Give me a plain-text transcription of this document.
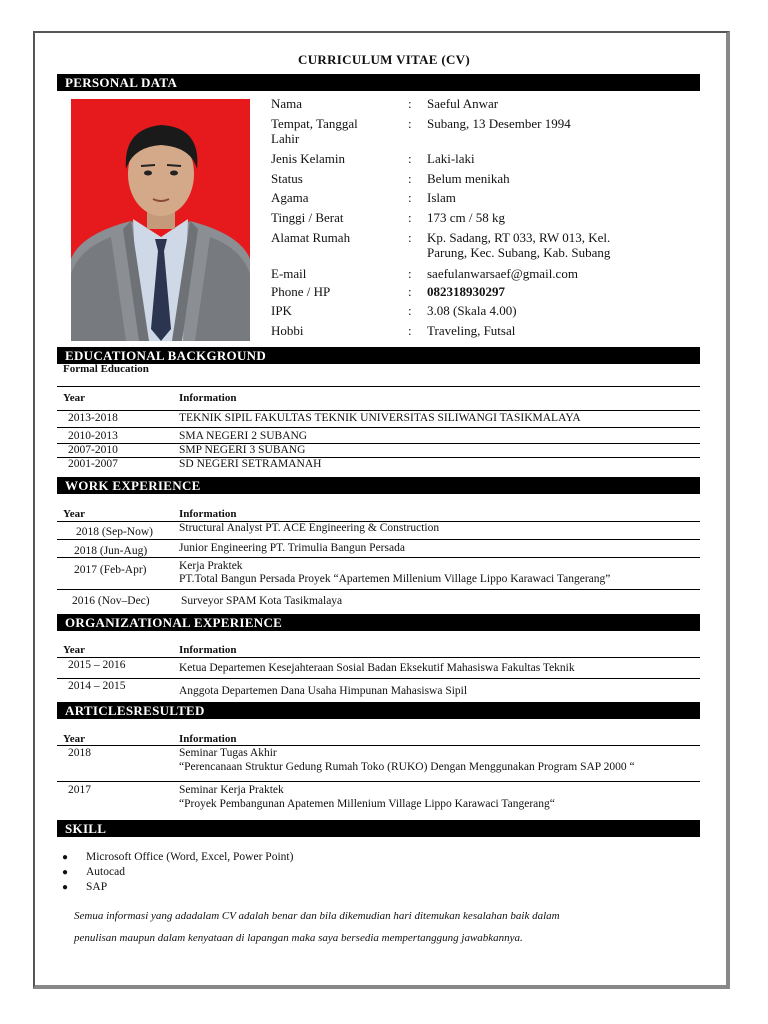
CURRICULUM VITAE (CV)
PERSONAL DATA
Nama	: Saeful Anwar
Tempat, Tanggal Lahir
: Subang, 13 Desember 1994
Jenis Kelamin	: Laki-laki
Status	: Belum menikah
Agama	: Islam
Tinggi / Berat	: 173 cm / 58 kg
Alamat Rumah	: Kp. Sadang, RT 033, RW 013, Kel. Parung, Kec. Subang, Kab. Subang
E-mail	: saefulanwarsaef@gmail.com
Phone / HP	: 082318930297
IPK	: 3.08 (Skala 4.00)
Hobbi	: Traveling, Futsal
EDUCATIONAL BACKGROUND
Formal Education
Year	Information
2013-2018	TEKNIK SIPIL FAKULTAS TEKNIK UNIVERSITAS SILIWANGI TASIKMALAYA
2010-2013	SMA NEGERI 2 SUBANG
2007-2010	SMP NEGERI 3 SUBANG
2001-2007	SD NEGERI SETRAMANAH
WORK EXPERIENCE
Year	Information
2018 (Sep-Now) Structural Analyst PT. ACE Engineering & Construction
2018 (Jun-Aug)	Junior Engineering PT. Trimulia Bangun Persada
2017 (Feb-Apr)	Kerja Praktek
PT.Total Bangun Persada Proyek “Apartemen Millenium Village Lippo Karawaci Tangerang”
2016 (Nov–Dec)	Surveyor SPAM Kota Tasikmalaya
ORGANIZATIONAL EXPERIENCE
Year	Information
2015 – 2016	Ketua Departemen Kesejahteraan Sosial Badan Eksekutif Mahasiswa Fakultas Teknik
2014 – 2015	Anggota Departemen Dana Usaha Himpunan Mahasiswa Sipil
ARTICLESRESULTED
Year	Information
2018	Seminar Tugas Akhir
“Perencanaan Struktur Gedung Rumah Toko (RUKO) Dengan Menggunakan Program SAP 2000 “
2017	Seminar Kerja Praktek
“Proyek Pembangunan Apatemen Millenium Village Lippo Karawaci Tangerang“
SKILL
● Microsoft Office (Word, Excel, Power Point)
● Autocad
● SAP
Semua informasi yang adadalam CV adalah benar dan bila dikemudian hari ditemukan kesalahan baik dalam
penulisan maupun dalam kenyataan di lapangan maka saya bersedia mempertanggung jawabkannya.
